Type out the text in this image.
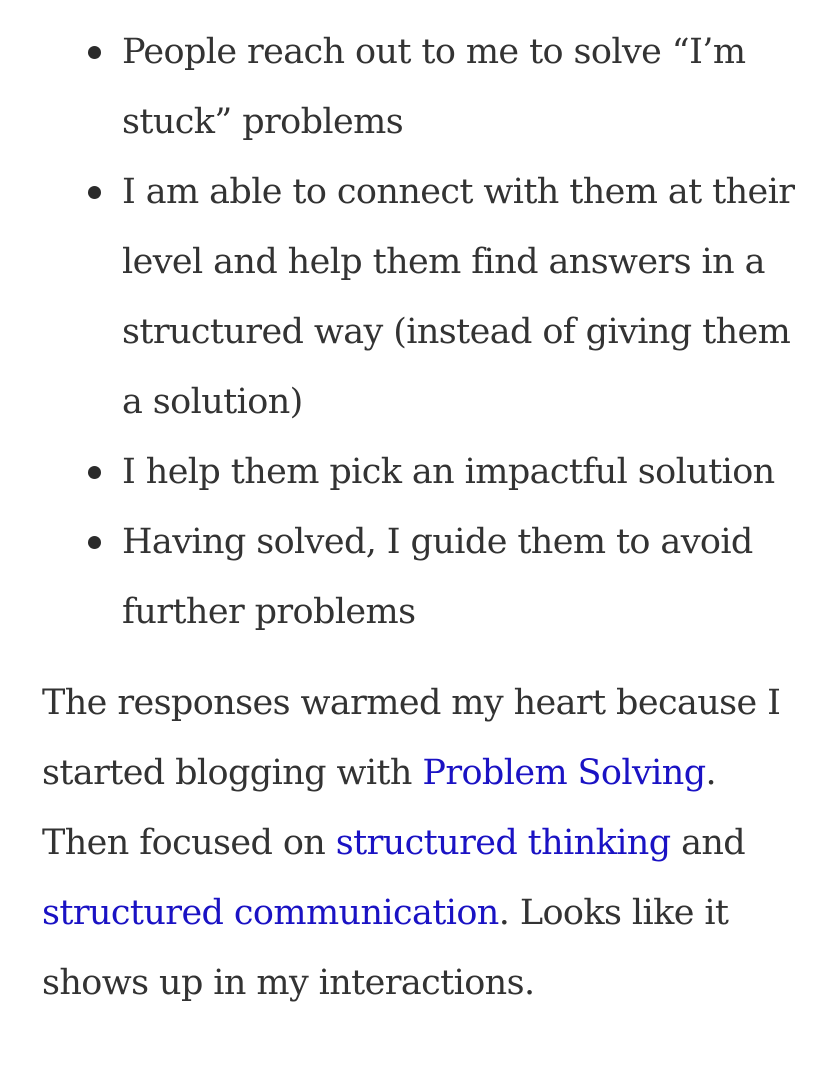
People reach out to me to solve “I’m stuck” problems
I am able to connect with them at their level and help them find answers in a structured way (instead of giving them a solution)
I help them pick an impactful solution
Having solved, I guide them to avoid further problems

The responses warmed my heart because I started blogging with Problem Solving. Then focused on structured thinking and structured communication. Looks like it shows up in my interactions.
